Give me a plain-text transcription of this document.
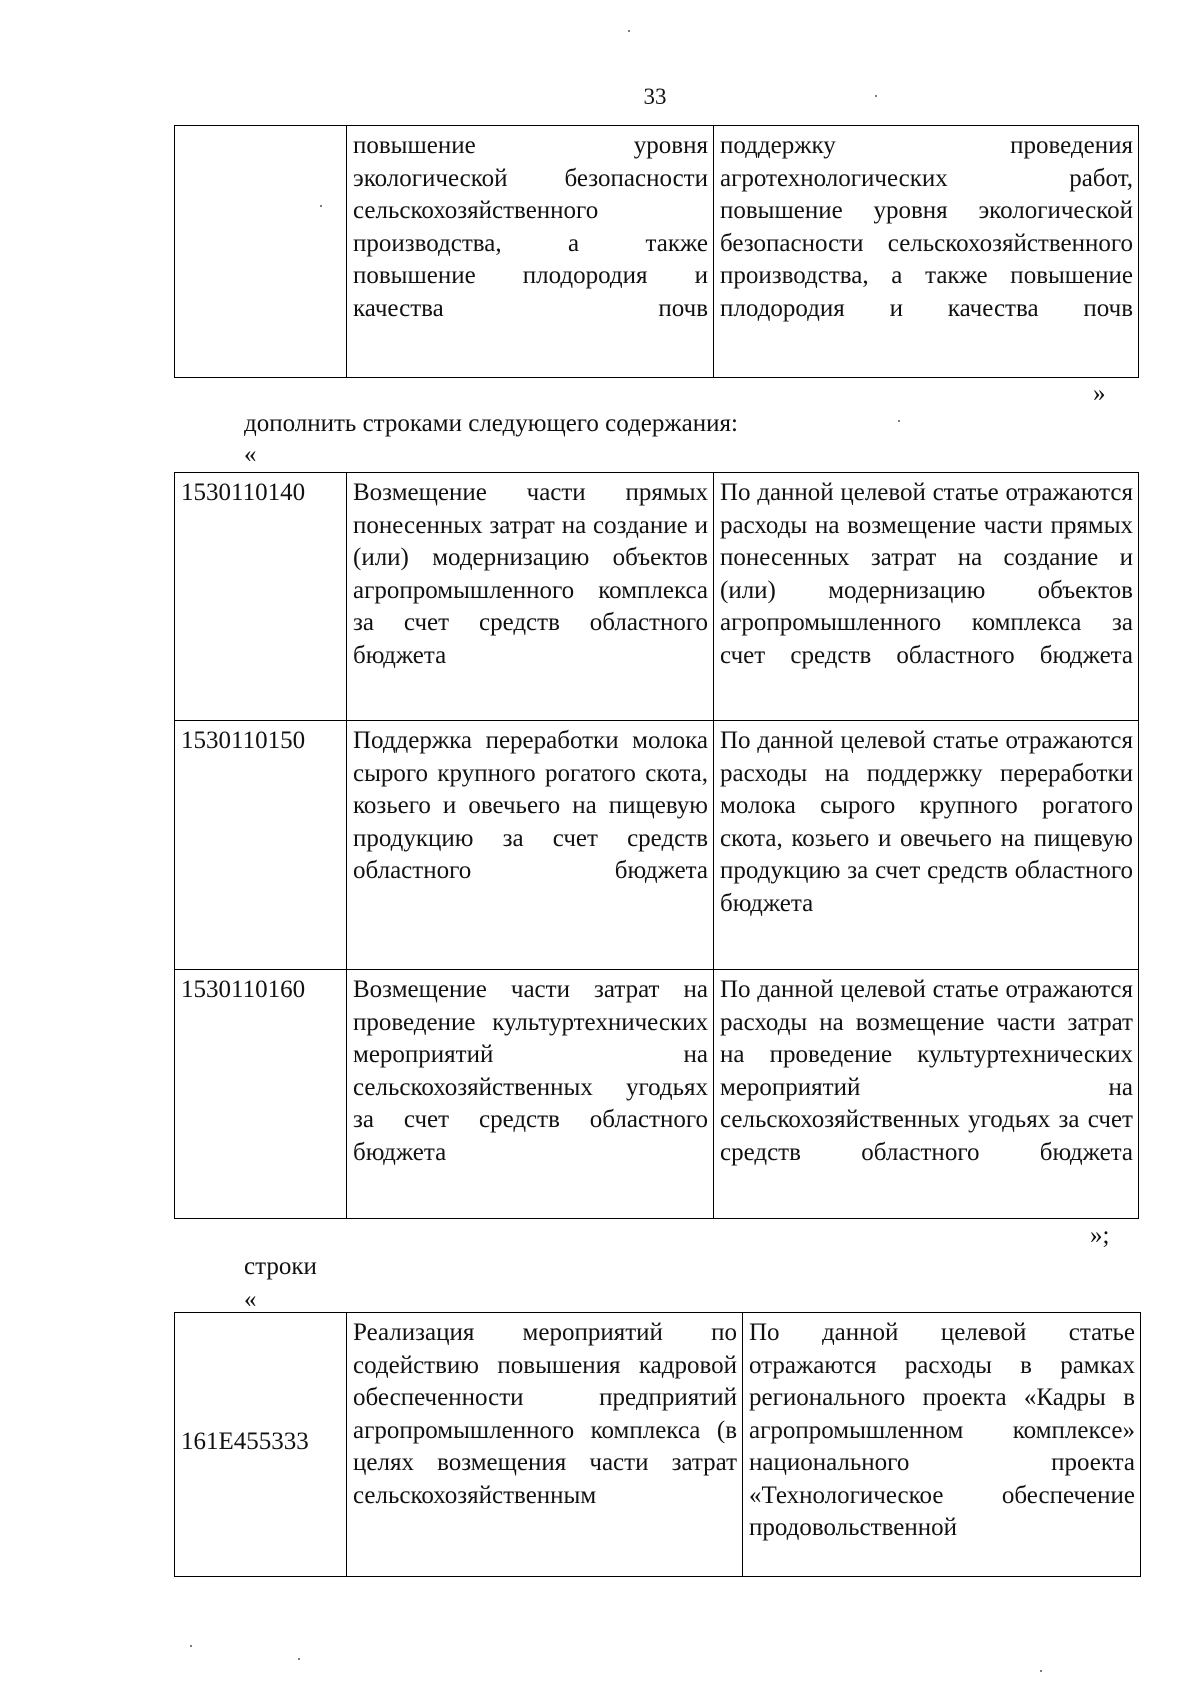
33
	повышение уровня экологической безопасности сельскохозяйственного производства, а также повышение плодородия и качества почв	поддержку проведения агротехнологических работ, повышение уровня экологической безопасности сельскохозяйственного производства, а также повышение плодородия и качества почв
»
дополнить строками следующего содержания:
«
1530110140	Возмещение части прямых понесенных затрат на создание и (или) модернизацию объектов агропромышленного комплекса за счет средств областного бюджета	По данной целевой статье отражаются расходы на возмещение части прямых понесенных затрат на создание и (или) модернизацию объектов агропромышленного комплекса за счет средств областного бюджета
1530110150	Поддержка переработки молока сырого крупного рогатого скота, козьего и овечьего на пищевую продукцию за счет средств областного бюджета	По данной целевой статье отражаются расходы на поддержку переработки молока сырого крупного рогатого скота, козьего и овечьего на пищевую продукцию за счет средств областного бюджета
1530110160	Возмещение части затрат на проведение культуртехнических мероприятий на сельскохозяйственных угодьях за счет средств областного бюджета	По данной целевой статье отражаются расходы на возмещение части затрат на проведение культуртехнических мероприятий на сельскохозяйственных угодьях за счет средств областного бюджета
»;
строки
«
161E455333	Реализация мероприятий по содействию повышения кадровой обеспеченности предприятий агропромышленного комплекса (в целях возмещения части затрат сельскохозяйственным	По данной целевой статье отражаются расходы в рамках регионального проекта «Кадры в агропромышленном комплексе» национального проекта «Технологическое обеспечение продовольственной
